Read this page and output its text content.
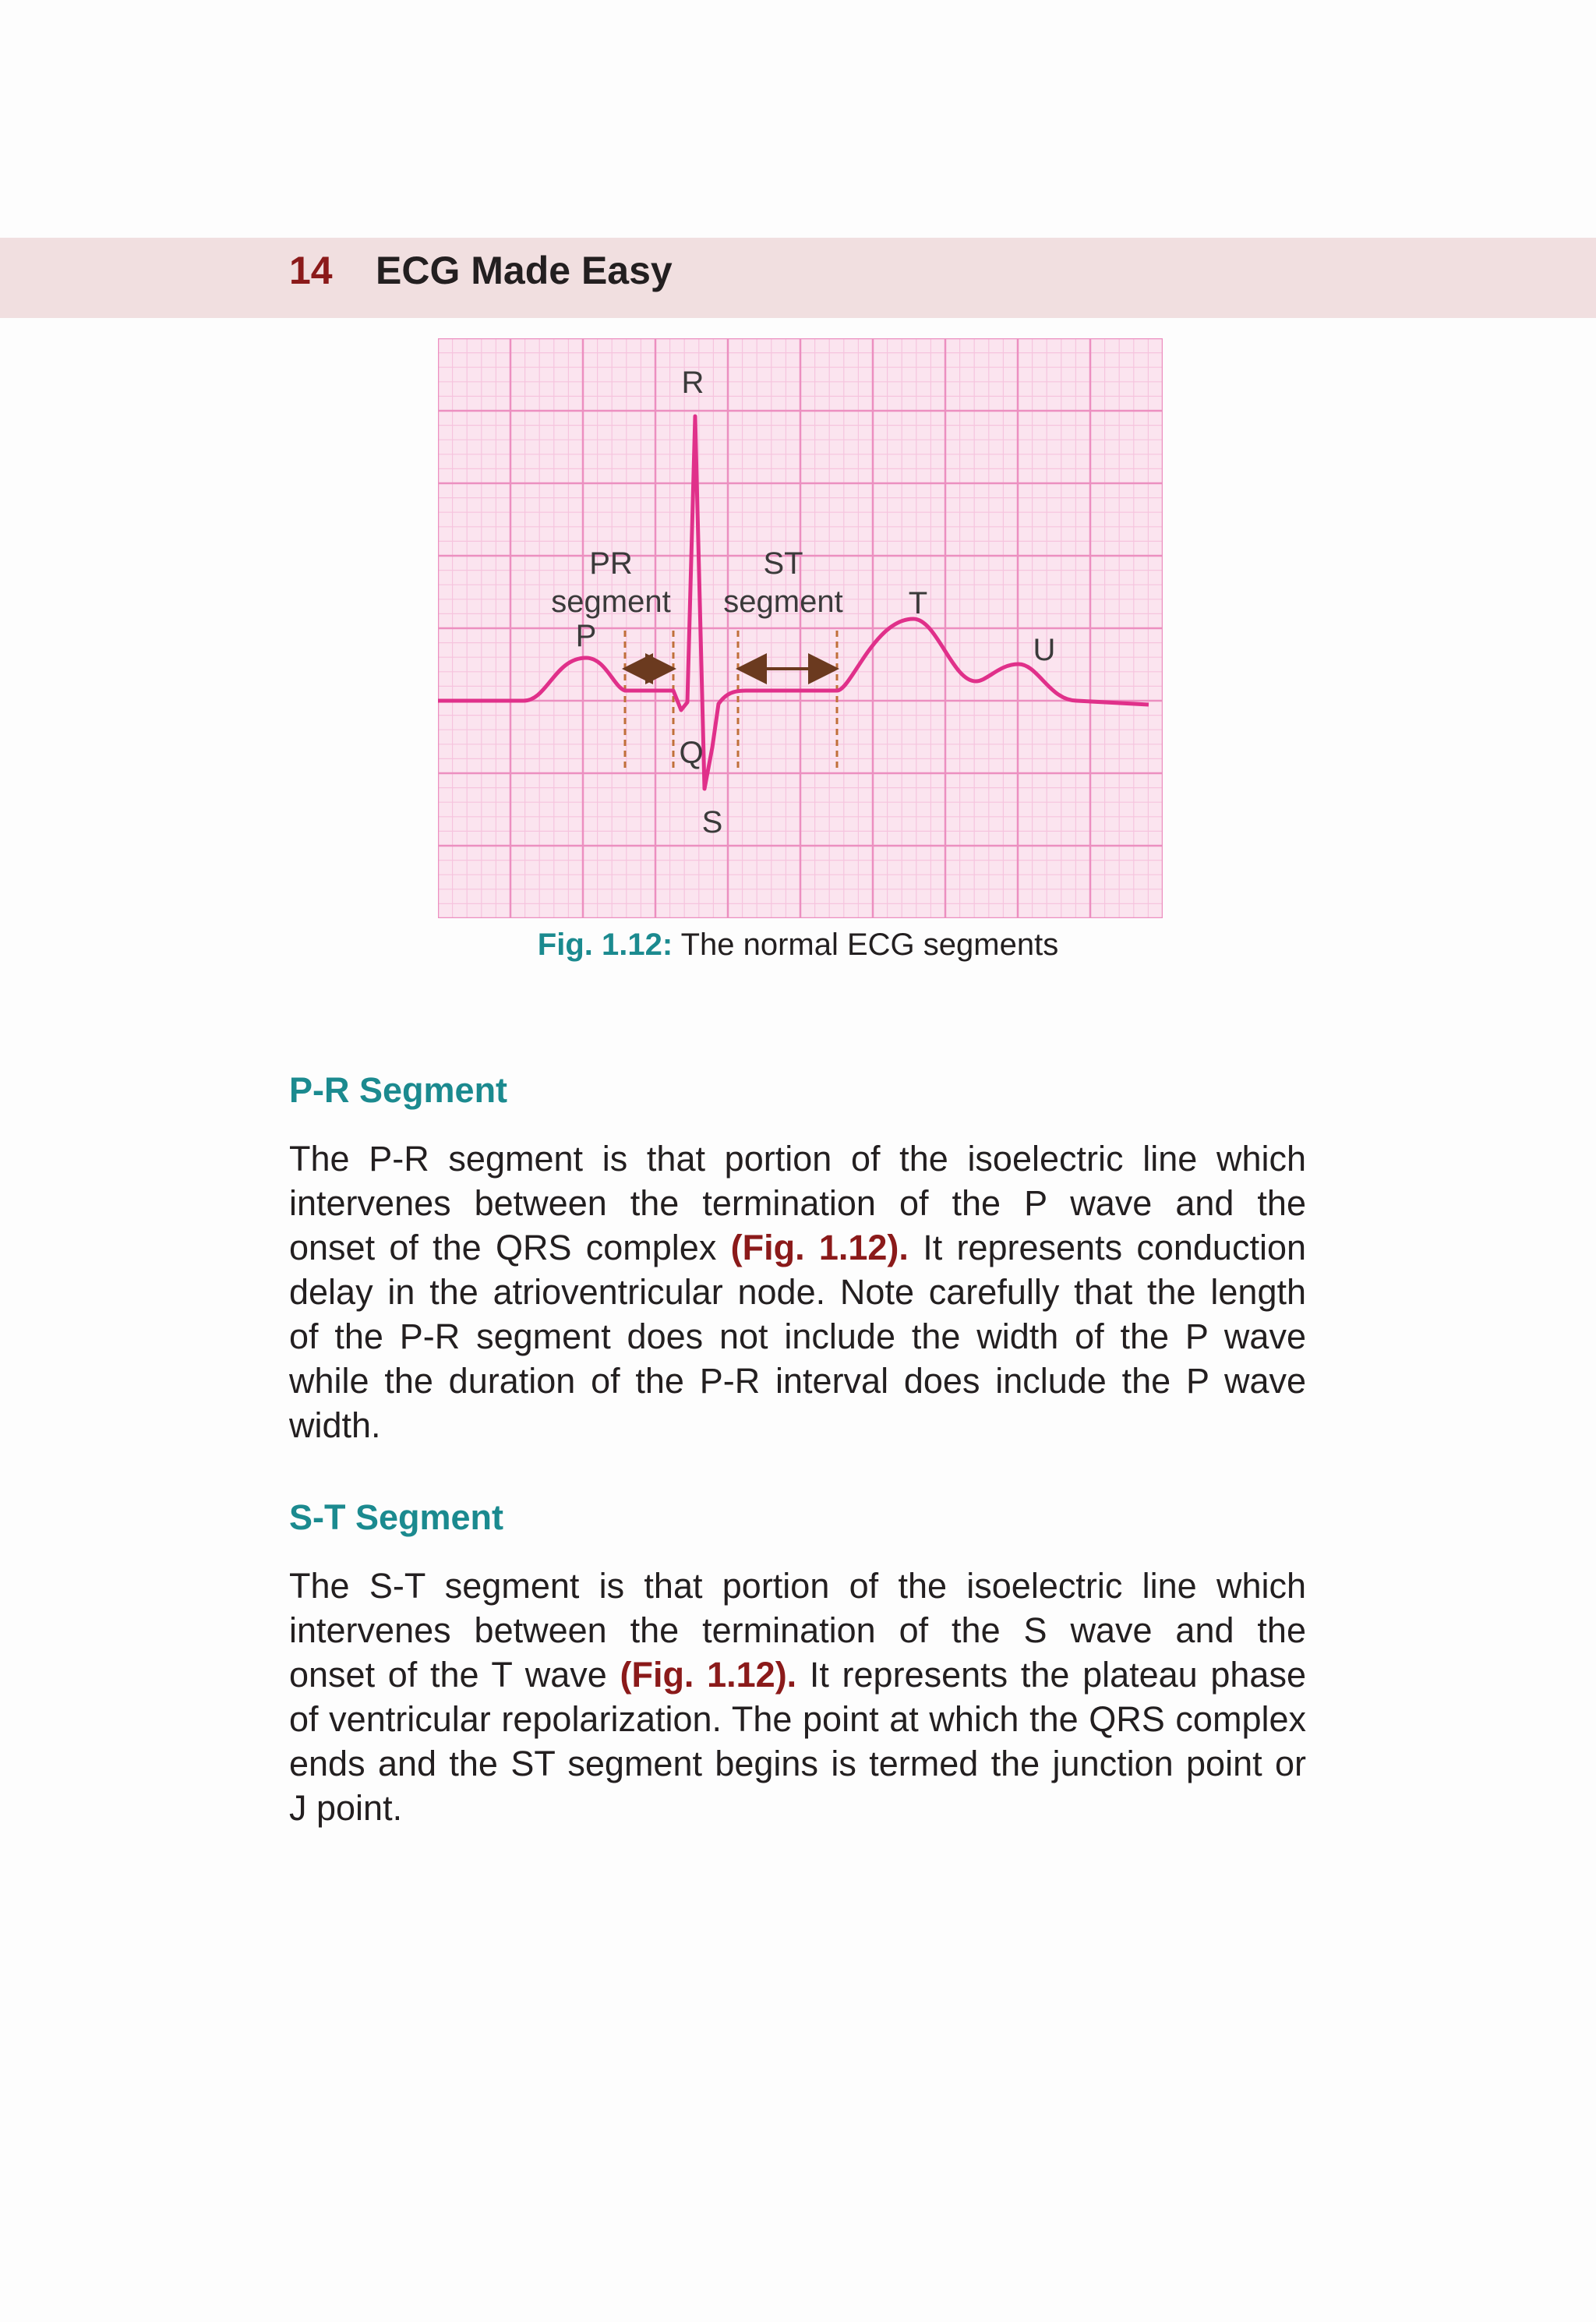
14 ECG Made Easy
R
P
Q
S
T
U
PR
segment
ST
segment
Fig. 1.12: The normal ECG segments
P-R Segment
The P-R segment is that portion of the isoelectric line which
intervenes between the termination of the P wave and the
onset of the QRS complex (Fig. 1.12). It represents conduction
delay in the atrioventricular node. Note carefully that the length
of the P-R segment does not include the width of the P wave
while the duration of the P-R interval does include the P wave
width.
S-T Segment
The S-T segment is that portion of the isoelectric line which
intervenes between the termination of the S wave and the
onset of the T wave (Fig. 1.12). It represents the plateau phase
of ventricular repolarization. The point at which the QRS complex
ends and the ST segment begins is termed the junction point or
J point.
